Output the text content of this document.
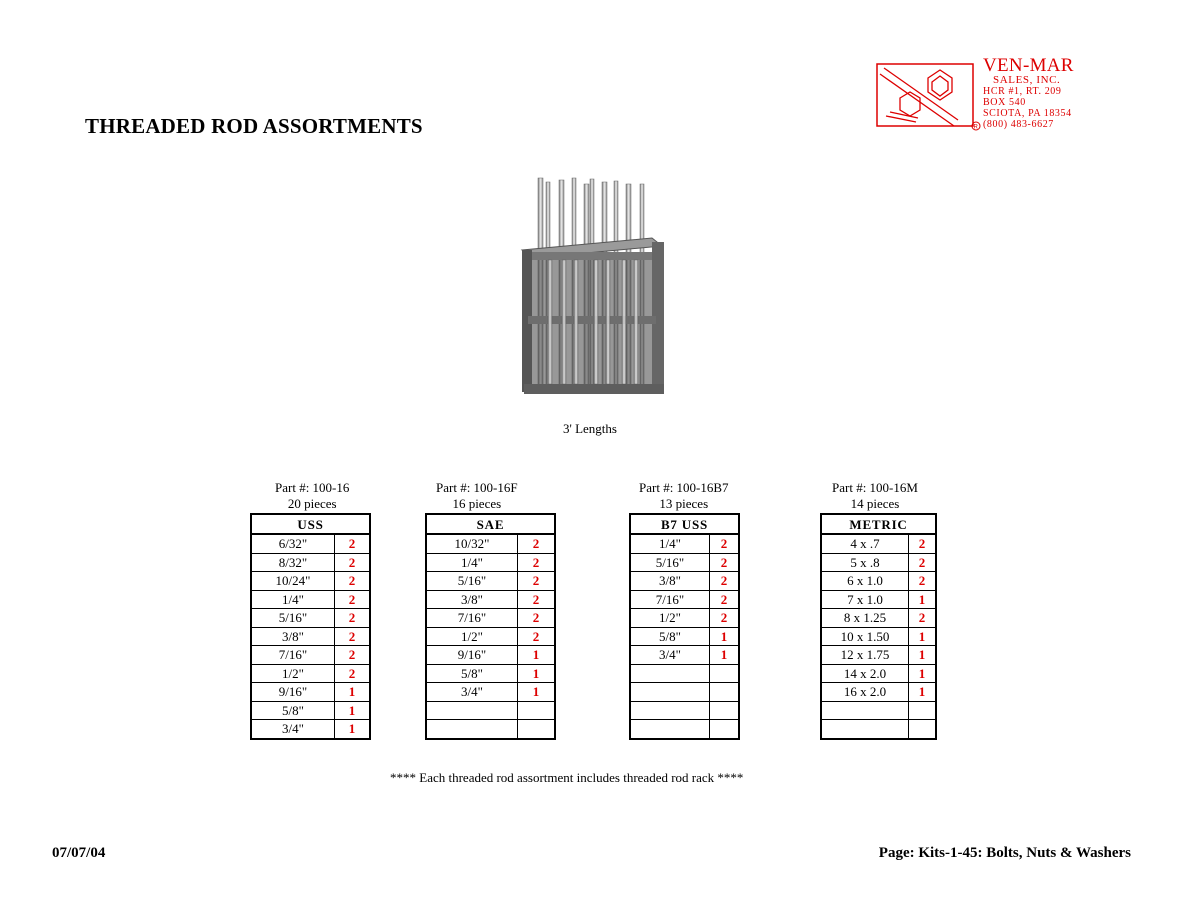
THREADED ROD ASSORTMENTS	R
VEN-MAR
SALES, INC.
HCR #1, RT. 209
BOX 540
SCIOTA, PA 18354
(800) 483-6627
3' Lengths
Part #: 100-16
20 pieces
USS	
6/32"	2
8/32"	2
10/24"	2
1/4"	2
5/16"	2
3/8"	2
7/16"	2
1/2"	2
9/16"	1
5/8"	1
3/4"	1
Part #: 100-16F
16 pieces
SAE	
10/32"	2
1/4"	2
5/16"	2
3/8"	2
7/16"	2
1/2"	2
9/16"	1
5/8"	1
3/4"	1

Part #: 100-16B7
13 pieces
B7 USS	
1/4"	2
5/16"	2
3/8"	2
7/16"	2
1/2"	2
5/8"	1
3/4"	1

Part #: 100-16M
14 pieces
METRIC	
4 x .7	2
5 x .8	2
6 x 1.0	2
7 x 1.0	1
8 x 1.25	2
10 x 1.50	1
12 x 1.75	1
14 x 2.0	1
16 x 2.0	1

**** Each threaded rod assortment includes threaded rod rack ****
07/07/04	Page: Kits-1-45: Bolts, Nuts & Washers
